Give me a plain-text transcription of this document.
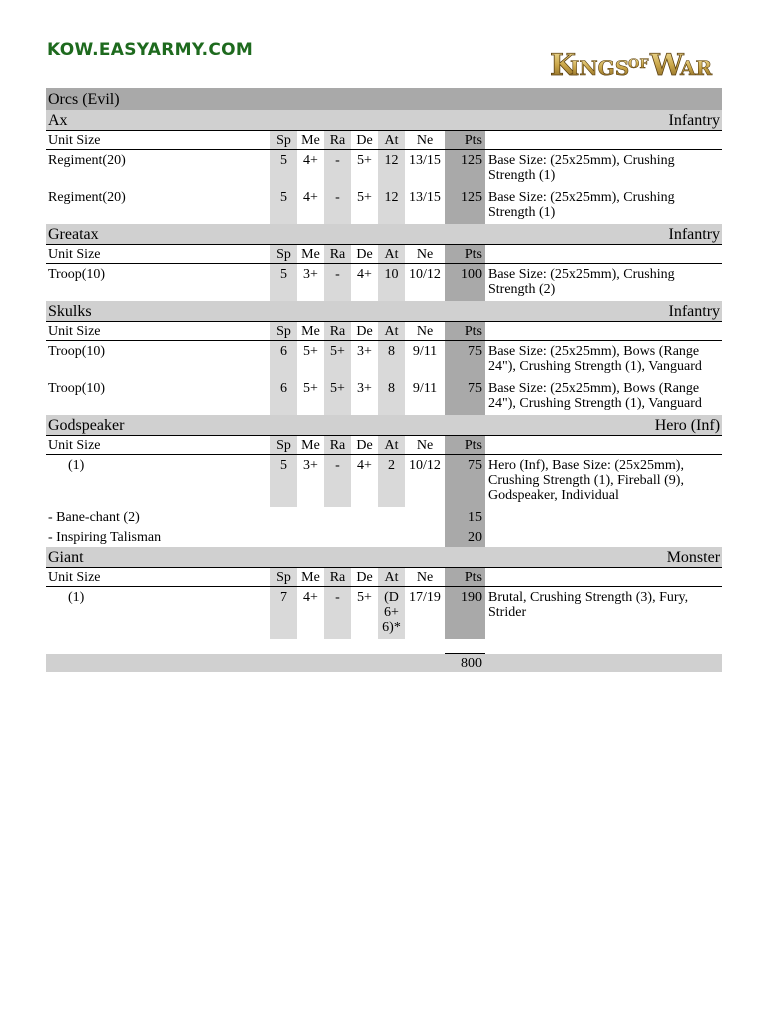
KOW.EASYARMY.COM	K
INGS
OF W
AR
Orcs (Evil)								
Ax							Infantry	
Unit Size	Sp	Me	Ra	De	At	Ne	Pts	
Regiment(20)	5	4+	-	5+	12	13/15	125	Base Size: (25x25mm), Crushing Strength (1)
Regiment(20)	5	4+	-	5+	12	13/15	125	Base Size: (25x25mm), Crushing Strength (1)
Greatax							Infantry	
Unit Size	Sp	Me	Ra	De	At	Ne	Pts	
Troop(10)	5	3+	-	4+	10	10/12	100	Base Size: (25x25mm), Crushing Strength (2)
Skulks							Infantry	
Unit Size	Sp	Me	Ra	De	At	Ne	Pts	
Troop(10)	6	5+	5+	3+	8	9/11	75	Base Size: (25x25mm), Bows (Range 24"), Crushing Strength (1), Vanguard
Troop(10)	6	5+	5+	3+	8	9/11	75	Base Size: (25x25mm), Bows (Range 24"), Crushing Strength (1), Vanguard
Godspeaker							Hero (Inf)	
Unit Size	Sp	Me	Ra	De	At	Ne	Pts	
(1)	5	3+	-	4+	2	10/12	75	Hero (Inf), Base Size: (25x25mm), Crushing Strength (1), Fireball (9), Godspeaker, Individual
- Bane-chant (2)							15	
- Inspiring Talisman							20	
Giant							Monster	
Unit Size	Sp	Me	Ra	De	At	Ne	Pts	
(1)	7	4+	-	5+	(D 6+ 6)*	17/19	190	Brutal, Crushing Strength (3), Fury, Strider

							800	
